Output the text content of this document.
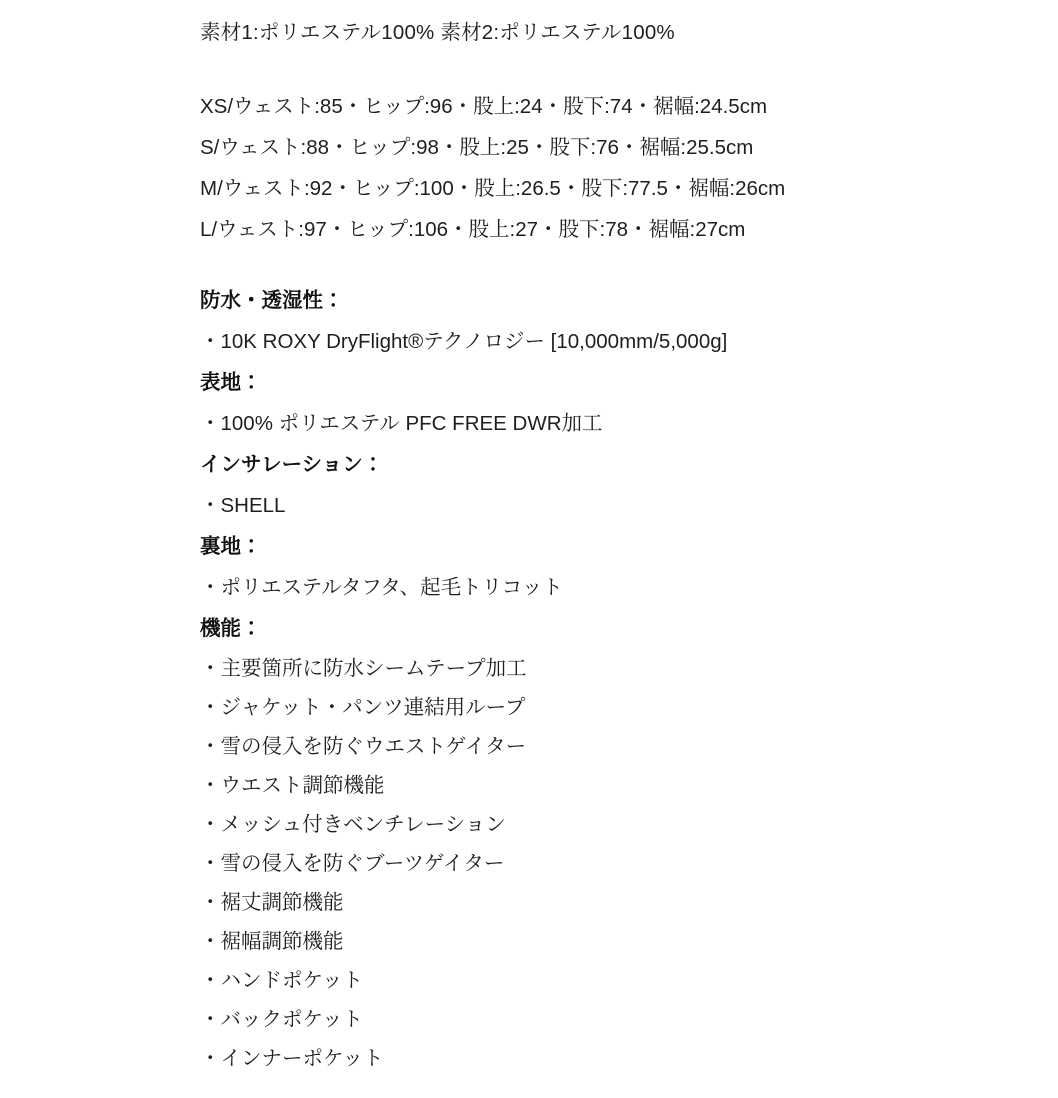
素材1:ポリエステル100% 素材2:ポリエステル100%
XS/ウェスト:85・ヒップ:96・股上:24・股下:74・裾幅:24.5cm
S/ウェスト:88・ヒップ:98・股上:25・股下:76・裾幅:25.5cm
M/ウェスト:92・ヒップ:100・股上:26.5・股下:77.5・裾幅:26cm
L/ウェスト:97・ヒップ:106・股上:27・股下:78・裾幅:27cm
防水・透湿性：
・10K ROXY DryFlight®テクノロジー [10,000mm/5,000g]
表地：
・100% ポリエステル PFC FREE DWR加工
インサレーション：
・SHELL
裏地：
・ポリエステルタフタ、起毛トリコット
機能：
・主要箇所に防水シームテープ加工
・ジャケット・パンツ連結用ループ
・雪の侵入を防ぐウエストゲイター
・ウエスト調節機能
・メッシュ付きベンチレーション
・雪の侵入を防ぐブーツゲイター
・裾丈調節機能
・裾幅調節機能
・ハンドポケット
・バックポケット
・インナーポケット
